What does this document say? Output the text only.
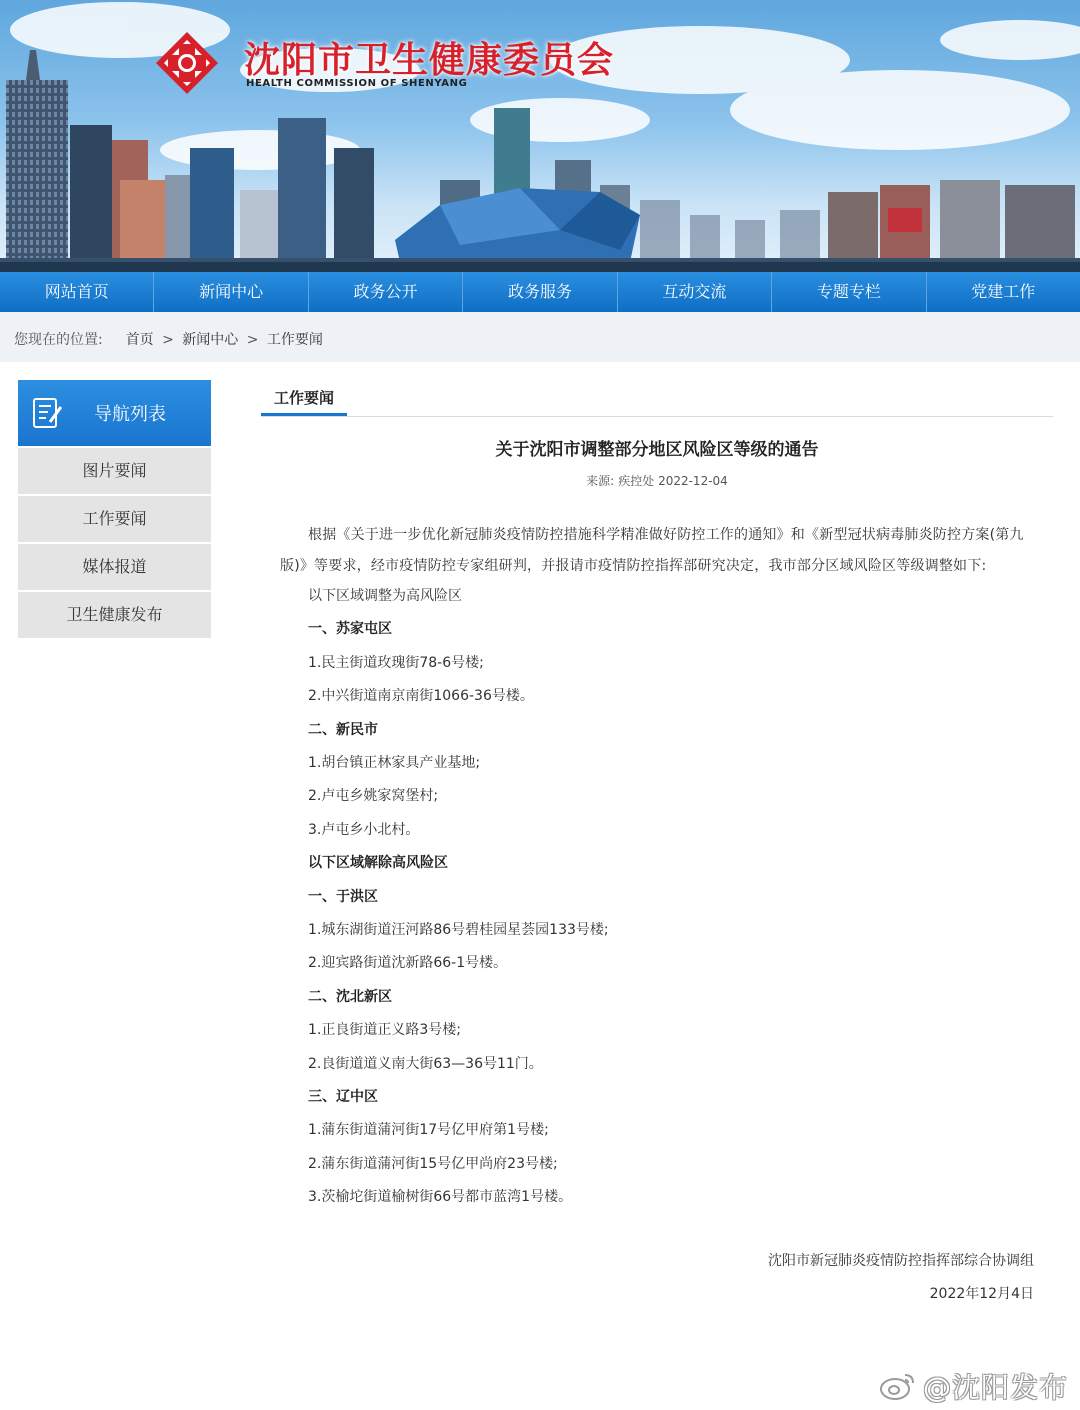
沈阳市卫生健康委员会
HEALTH COMMISSION OF SHENYANG
网站首页	新闻中心	政务公开	政务服务	互动交流	专题专栏	党建工作
您现在的位置: 首页 > 新闻中心 > 工作要闻
导航列表
图片要闻
工作要闻
媒体报道
卫生健康发布
工作要闻
关于沈阳市调整部分地区风险区等级的通告
来源: 疾控处 2022-12-04

根据《关于进一步优化新冠肺炎疫情防控措施科学精准做好防控工作的通知》和《新型冠状病毒肺炎防控方案(第九版)》等要求，经市疫情防控专家组研判，并报请市疫情防控指挥部研究决定，我市部分区域风险区等级调整如下:

以下区域调整为高风险区
一、苏家屯区
1.民主街道玫瑰街78-6号楼;
2.中兴街道南京南街1066-36号楼。
二、新民市
1.胡台镇正林家具产业基地;
2.卢屯乡姚家窝堡村;
3.卢屯乡小北村。
以下区域解除高风险区
一、于洪区
1.城东湖街道汪河路86号碧桂园星荟园133号楼;
2.迎宾路街道沈新路66-1号楼。
二、沈北新区
1.正良街道正义路3号楼;
2.良街道道义南大街63—36号11门。
三、辽中区
1.蒲东街道蒲河街17号亿甲府第1号楼;
2.蒲东街道蒲河街15号亿甲尚府23号楼;
3.茨榆坨街道榆树街66号都市蓝湾1号楼。
沈阳市新冠肺炎疫情防控指挥部综合协调组
2022年12月4日
@沈阳发布
